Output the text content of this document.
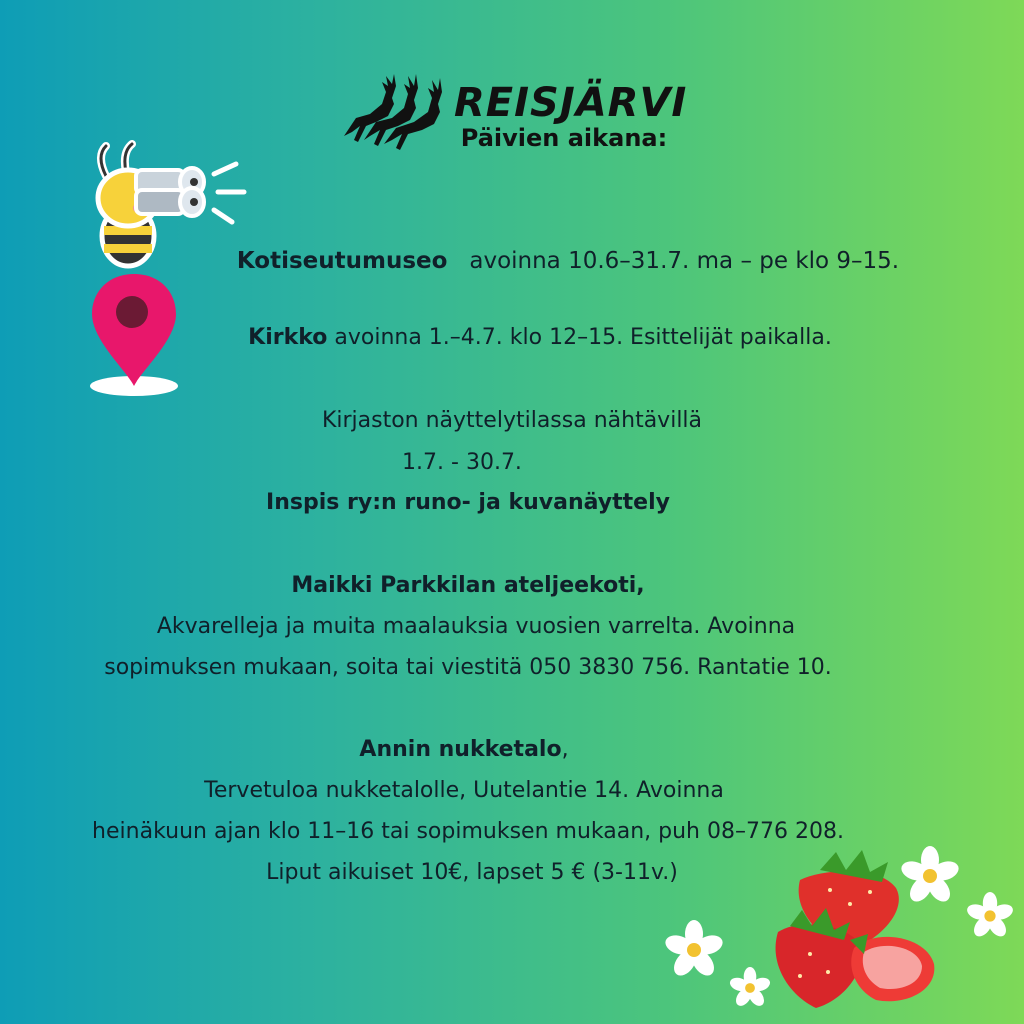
REISJÄRVI
Päivien aikana:
Kotiseutumuseo avoinna 10.6–31.7. ma – pe klo 9–15.
Kirkko avoinna 1.–4.7. klo 12–15. Esittelijät paikalla.
Kirjaston näyttelytilassa nähtävillä
1.7. - 30.7.
Inspis ry:n runo- ja kuvanäyttely
Maikki Parkkilan ateljeekoti,
Akvarelleja ja muita maalauksia vuosien varrelta. Avoinna
sopimuksen mukaan, soita tai viestitä 050 3830 756. Rantatie 10.
Annin nukketalo,
Tervetuloa nukketalolle, Uutelantie 14. Avoinna
heinäkuun ajan klo 11–16 tai sopimuksen mukaan, puh 08–776 208.
Liput aikuiset 10€, lapset 5 € (3-11v.)
